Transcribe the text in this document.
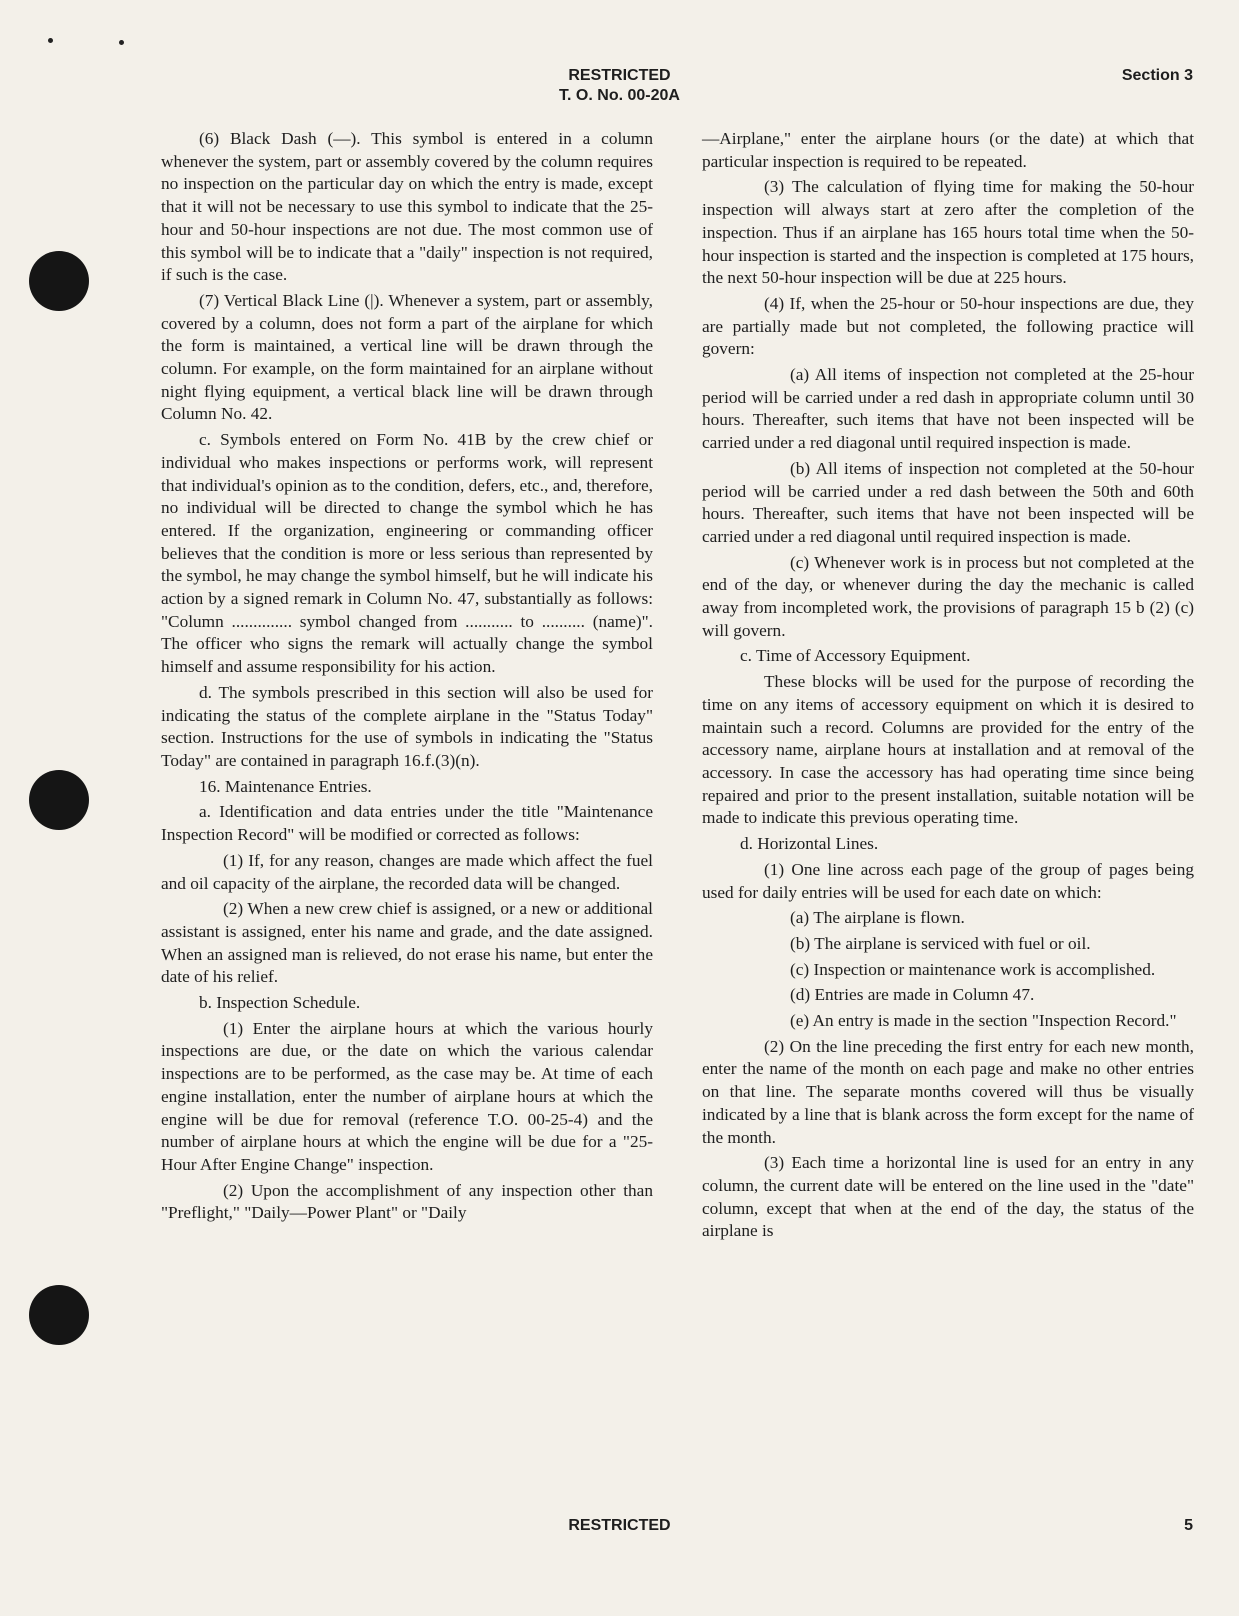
RESTRICTED
T. O. No. 00-20A
Section 3

(6) Black Dash (—). This symbol is entered in a column whenever the system, part or assembly covered by the column requires no inspection on the particular day on which the entry is made, except that it will not be necessary to use this symbol to indicate that the 25-hour and 50-hour inspections are not due. The most common use of this symbol will be to indicate that a "daily" inspection is not required, if such is the case.

(7) Vertical Black Line (|). Whenever a system, part or assembly, covered by a column, does not form a part of the airplane for which the form is maintained, a vertical line will be drawn through the column. For example, on the form maintained for an airplane without night flying equipment, a vertical black line will be drawn through Column No. 42.

c. Symbols entered on Form No. 41B by the crew chief or individual who makes inspections or performs work, will represent that individual's opinion as to the condition, defers, etc., and, therefore, no individual will be directed to change the symbol which he has entered. If the organization, engineering or commanding officer believes that the condition is more or less serious than represented by the symbol, he may change the symbol himself, but he will indicate his action by a signed remark in Column No. 47, substantially as follows: "Column .............. symbol changed from ........... to .......... (name)". The officer who signs the remark will actually change the symbol himself and assume responsibility for his action.

d. The symbols prescribed in this section will also be used for indicating the status of the complete airplane in the "Status Today" section. Instructions for the use of symbols in indicating the "Status Today" are contained in paragraph 16.f.(3)(n).

16. Maintenance Entries.

a. Identification and data entries under the title "Maintenance Inspection Record" will be modified or corrected as follows:

(1) If, for any reason, changes are made which affect the fuel and oil capacity of the airplane, the recorded data will be changed.

(2) When a new crew chief is assigned, or a new or additional assistant is assigned, enter his name and grade, and the date assigned. When an assigned man is relieved, do not erase his name, but enter the date of his relief.

b. Inspection Schedule.

(1) Enter the airplane hours at which the various hourly inspections are due, or the date on which the various calendar inspections are to be performed, as the case may be. At time of each engine installation, enter the number of airplane hours at which the engine will be due for removal (reference T.O. 00-25-4) and the number of airplane hours at which the engine will be due for a "25-Hour After Engine Change" inspection.

(2) Upon the accomplishment of any inspection other than "Preflight," "Daily—Power Plant" or "Daily

—Airplane," enter the airplane hours (or the date) at which that particular inspection is required to be repeated.

(3) The calculation of flying time for making the 50-hour inspection will always start at zero after the completion of the inspection. Thus if an airplane has 165 hours total time when the 50-hour inspection is started and the inspection is completed at 175 hours, the next 50-hour inspection will be due at 225 hours.

(4) If, when the 25-hour or 50-hour inspections are due, they are partially made but not completed, the following practice will govern:

(a) All items of inspection not completed at the 25-hour period will be carried under a red dash in appropriate column until 30 hours. Thereafter, such items that have not been inspected will be carried under a red diagonal until required inspection is made.

(b) All items of inspection not completed at the 50-hour period will be carried under a red dash between the 50th and 60th hours. Thereafter, such items that have not been inspected will be carried under a red diagonal until required inspection is made.

(c) Whenever work is in process but not completed at the end of the day, or whenever during the day the mechanic is called away from incompleted work, the provisions of paragraph 15 b (2) (c) will govern.

c. Time of Accessory Equipment.

These blocks will be used for the purpose of recording the time on any items of accessory equipment on which it is desired to maintain such a record. Columns are provided for the entry of the accessory name, airplane hours at installation and at removal of the accessory. In case the accessory has had operating time since being repaired and prior to the present installation, suitable notation will be made to indicate this previous operating time.

d. Horizontal Lines.

(1) One line across each page of the group of pages being used for daily entries will be used for each date on which:

(a) The airplane is flown.

(b) The airplane is serviced with fuel or oil.

(c) Inspection or maintenance work is accomplished.

(d) Entries are made in Column 47.

(e) An entry is made in the section "Inspection Record."

(2) On the line preceding the first entry for each new month, enter the name of the month on each page and make no other entries on that line. The separate months covered will thus be visually indicated by a line that is blank across the form except for the name of the month.

(3) Each time a horizontal line is used for an entry in any column, the current date will be entered on the line used in the "date" column, except that when at the end of the day, the status of the airplane is

RESTRICTED	5
